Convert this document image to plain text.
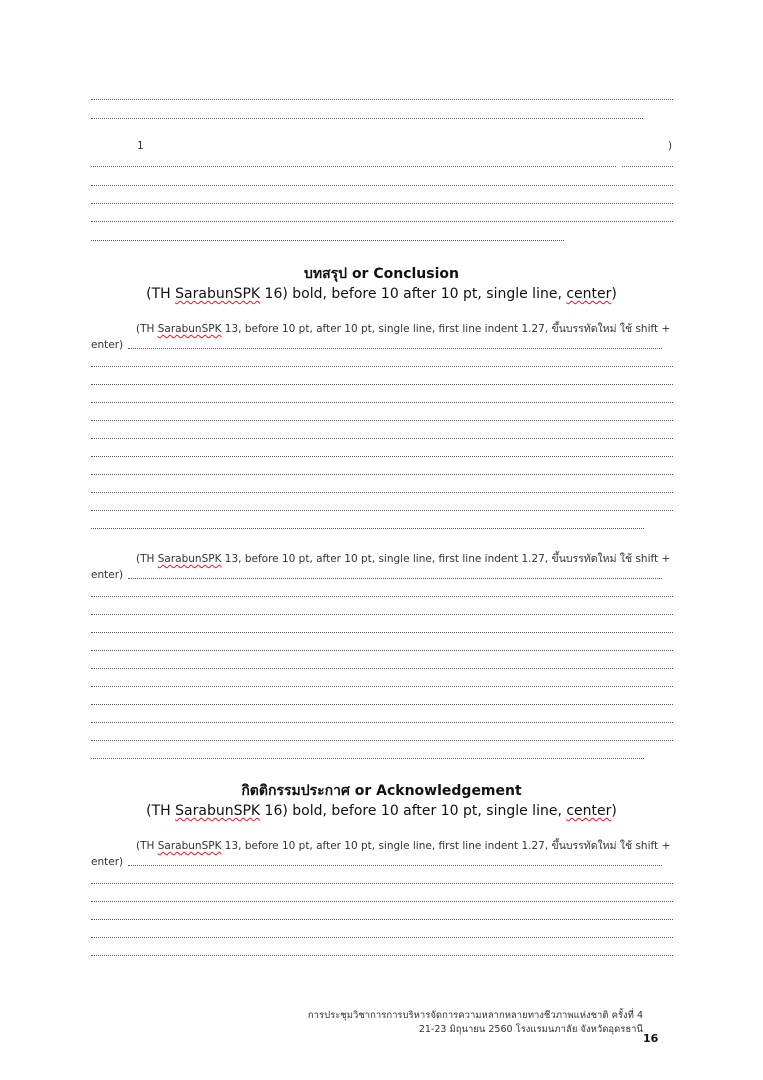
1	)
บทสรุป or Conclusion
(TH SarabunSPK 16) bold, before 10 after 10 pt, single line, center)
(TH SarabunSPK 13, before 10 pt, after 10 pt, single line, first line indent 1.27, ขึ้นบรรทัดใหม่ ใช้ shift +
enter)
(TH SarabunSPK 13, before 10 pt, after 10 pt, single line, first line indent 1.27, ขึ้นบรรทัดใหม่ ใช้ shift +
enter)
กิตติกรรมประกาศ or Acknowledgement
(TH SarabunSPK 16) bold, before 10 after 10 pt, single line, center)
(TH SarabunSPK 13, before 10 pt, after 10 pt, single line, first line indent 1.27, ขึ้นบรรทัดใหม่ ใช้ shift +
enter)
การประชุมวิชาการการบริหารจัดการความหลากหลายทางชีวภาพแห่งชาติ ครั้งที่ 4
21-23 มิถุนายน 2560 โรงแรมนภาลัย จังหวัดอุดรธานี
16
